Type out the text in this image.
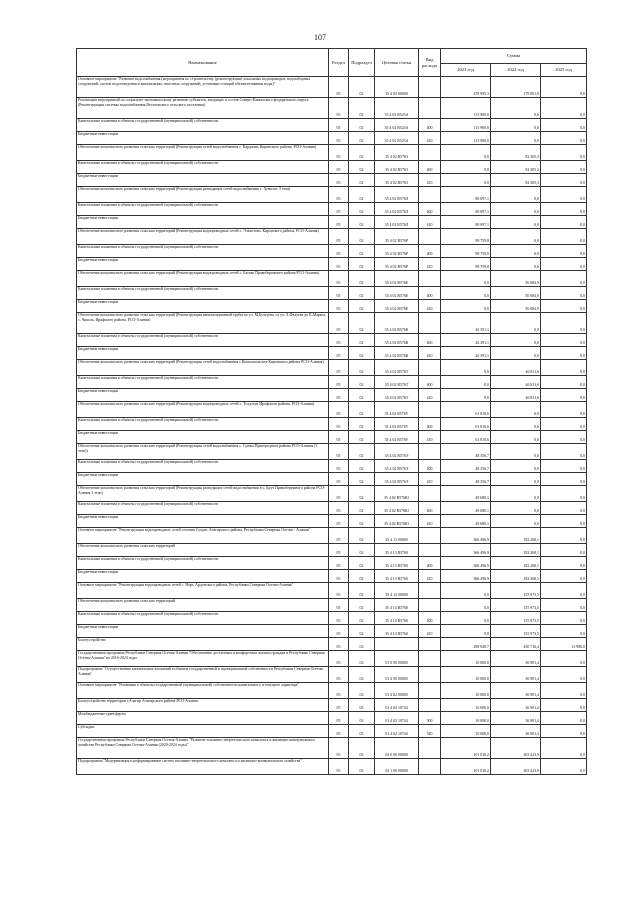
107
Наименование	Раздел	Подраздел	Целевая статья	Вид расхода	Сумма		
					2023 год	2024 год	2025 год
Основное мероприятие "Развитие водоснабжения (мероприятия по строительству (реконструкции) локальных водопроводов, водозаборных сооружений, систем водоотведения и канализации, очистных сооружений, установки станций обезжелезивания воды)"	05	02	35 4 02 00000		478 995,3	179 801,8	0,0
Реализация мероприятий по социально-экономическому развитию субъектов, входящих в состав Северо-Кавказского федерального округа (Реконструкция системы водоснабжения Веселовского сельского поселения)	05	02	35 4 02 R523A		113 900,0	0,0	0,0
Капитальные вложения в объекты государственной (муниципальной) собственности	05	02	35 4 02 R523A	400	113 900,0	0,0	0,0
Бюджетные инвестиции	05	02	35 4 02 R523A	410	113 900,0	0,0	0,0
Обеспечение комплексного развития сельских территорий (Реконструкция сетей водоснабжения с. Карджин, Кировского района, РСО-Алания)	05	02	35 4 02 R5763		0,0	82 305,3	0,0
Капитальные вложения в объекты государственной (муниципальной) собственности	05	02	35 4 02 R5763	400	0,0	82 305,3	0,0
Бюджетные инвестиции	05	02	35 4 02 R5763	410	0,0	82 305,3	0,0
Обеспечение комплексного развития сельских территорий (Реконструкция разводящих сетей водоснабжения с. Хумалаг, 3 этап)	05	02	35 4 02 R576Л		80 097,1	0,0	0,0
Капитальные вложения в объекты государственной (муниципальной) собственности	05	02	35 4 02 R576Л	400	80 097,1	0,0	0,0
Бюджетные инвестиции	05	02	35 4 02 R576Л	410	80 097,1	0,0	0,0
Обеспечение комплексного развития сельских территорий (Реконструкция водопроводных сетей с. Эльхотово, Кировского района, РСО-Алания)	05	02	35 4 02 R576Р		98 759,8	0,0	0,0
Капитальные вложения в объекты государственной (муниципальной) собственности	05	02	35 4 02 R576Р	400	98 759,8	0,0	0,0
Бюджетные инвестиции	05	02	35 4 02 R576Р	410	98 759,8	0,0	0,0
Обеспечение комплексного развития сельских территорий (Реконструкция водопроводных сетей с. Батако Правобережного района РСО-Алания)	05	02	35 4 02 R576Е		0,0	50 684,9	0,0
Капитальные вложения в объекты государственной (муниципальной) собственности	05	02	35 4 02 R576Е	400	0,0	50 684,9	0,0
Бюджетные инвестиции	05	02	35 4 02 R576Е	410	0,0	50 684,9	0,0
Обеспечение комплексного развития сельских территорий (Реконструкция канализационной трубы по ул. М.Булгуева, от ул. А.Фадеева до К.Маркса, с. Чикола, Ирафского района, РСО-Алания)	05	02	35 4 02 R576К		26 391,1	0,0	0,0
Капитальные вложения в объекты государственной (муниципальной) собственности	05	02	35 4 02 R576К	400	26 391,1	0,0	0,0
Бюджетные инвестиции	05	02	35 4 02 R576К	410	26 391,1	0,0	0,0
Обеспечение комплексного развития сельских территорий (Реконструкция сетей водоснабжения с.Комсомольское Кировского района РСО-Алания)	05	02	35 4 02 R576Т		0,0	46 811,6	0,0
Капитальные вложения в объекты государственной (муниципальной) собственности	05	02	35 4 02 R576Т	400	0,0	46 811,6	0,0
Бюджетные инвестиции	05	02	35 4 02 R576Т	410	0,0	46 811,6	0,0
Обеспечение комплексного развития сельских территорий (Реконструкция водопроводных сетей с. Толдзгун Ирафского района, РСО-Алания)	05	02	35 4 02 R576У		61 810,6	0,0	0,0
Капитальные вложения в объекты государственной (муниципальной) собственности	05	02	35 4 02 R576У	400	61 810,6	0,0	0,0
Бюджетные инвестиции	05	02	35 4 02 R576У	410	61 810,6	0,0	0,0
Обеспечение комплексного развития сельских территорий (Реконструкция сетей водоснабжения с. Сунжа Пригородного района РСО-Алания (1 этап))	05	02	35 4 02 R576Э		48 356,7	0,0	0,0
Капитальные вложения в объекты государственной (муниципальной) собственности	05	02	35 4 02 R576Э	400	48 356,7	0,0	0,0
Бюджетные инвестиции	05	02	35 4 02 R576Э	410	48 356,7	0,0	0,0
Обеспечение комплексного развития сельских территорий (Реконструкция разводящих сетей водоснабжения в с. Брут Правобережного района РСО-Алания 1 этап)	05	02	35 4 02 R576Ю		49 680,1	0,0	0,0
Капитальные вложения в объекты государственной (муниципальной) собственности	05	02	35 4 02 R576Ю	400	49 680,1	0,0	0,0
Бюджетные инвестиции	05	02	35 4 02 R576Ю	410	49 680,1	0,0	0,0
Основное мероприятие "Реконструкция водопроводных сетей селения Суадаг, Алагирского района, Республики Северная Осетия - Алания"	05	02	35 4 13 00000		366 496,9	182 268,1	0,0
Обеспечение комплексного развития сельских территорий	05	02	35 4 13 R5760		366 496,9	182 268,1	0,0
Капитальные вложения в объекты государственной (муниципальной) собственности	05	02	35 4 13 R5760	400	366 496,9	182 268,1	0,0
Бюджетные инвестиции	05	02	35 4 13 R5760	410	366 496,9	182 268,1	0,0
Основное мероприятие "Реконструкция водопроводных сетей с. Нарт, Ардонского района, Республики Северная Осетия-Алания"	05	02	35 4 14 00000		0,0	155 973,5	0,0
Обеспечение комплексного развития сельских территорий	05	02	35 4 14 R5760		0,0	155 973,5	0,0
Капитальные вложения в объекты государственной (муниципальной) собственности	05	02	35 4 14 R5760	400	0,0	155 973,5	0,0
Бюджетные инвестиции	05	02	35 4 14 R5760	410	0,0	155 973,5	0,0
Благоустройство	05	03			298 048,7	450 716,4	13 986,0
Государственная программа Республики Северная Осетия-Алания "Обеспечение доступным и комфортным жильем граждан в Республике Северная Осетия-Алания" на 2016-2024 годы	05	03	01 0 00 00000		10 000,0	36 901,4	0,0
Подпрограмма "Осуществление капитальных вложений в объекты государственной и муниципальной собственности Республики Северная Осетия-Алания"	05	03	01 4 00 00000		10 000,0	36 901,4	0,0
Основное мероприятие "Вложения в объекты государственной (муниципальной) собственности капитального и текущего характера"	05	03	01 4 02 00000		10 000,0	36 901,4	0,0
Благоустройство территории г.Алагир Алагирского района РСО-Алания	05	03	01 4 02 10744		10 000,0	36 901,4	0,0
Межбюджетные трансферты	05	03	01 4 02 10744	500	10 000,0	36 901,4	0,0
Субсидии	05	03	01 4 02 10744	520	10 000,0	36 901,4	0,0
Государственная программа Республики Северная Осетия-Алания "Развитие топливно-энергетического комплекса и жилищно-коммунального хозяйства Республики Северная Осетия-Алания (2020-2024 годы)"	05	03	02 0 00 00000		101 010,2	203 423,9	0,0
Подпрограмма "Модернизация и реформирование систем топливно-энергетического комплекса и жилищно-коммунального хозяйства"	05	03	02 1 00 00000		101 010,2	203 423,9	0,0
